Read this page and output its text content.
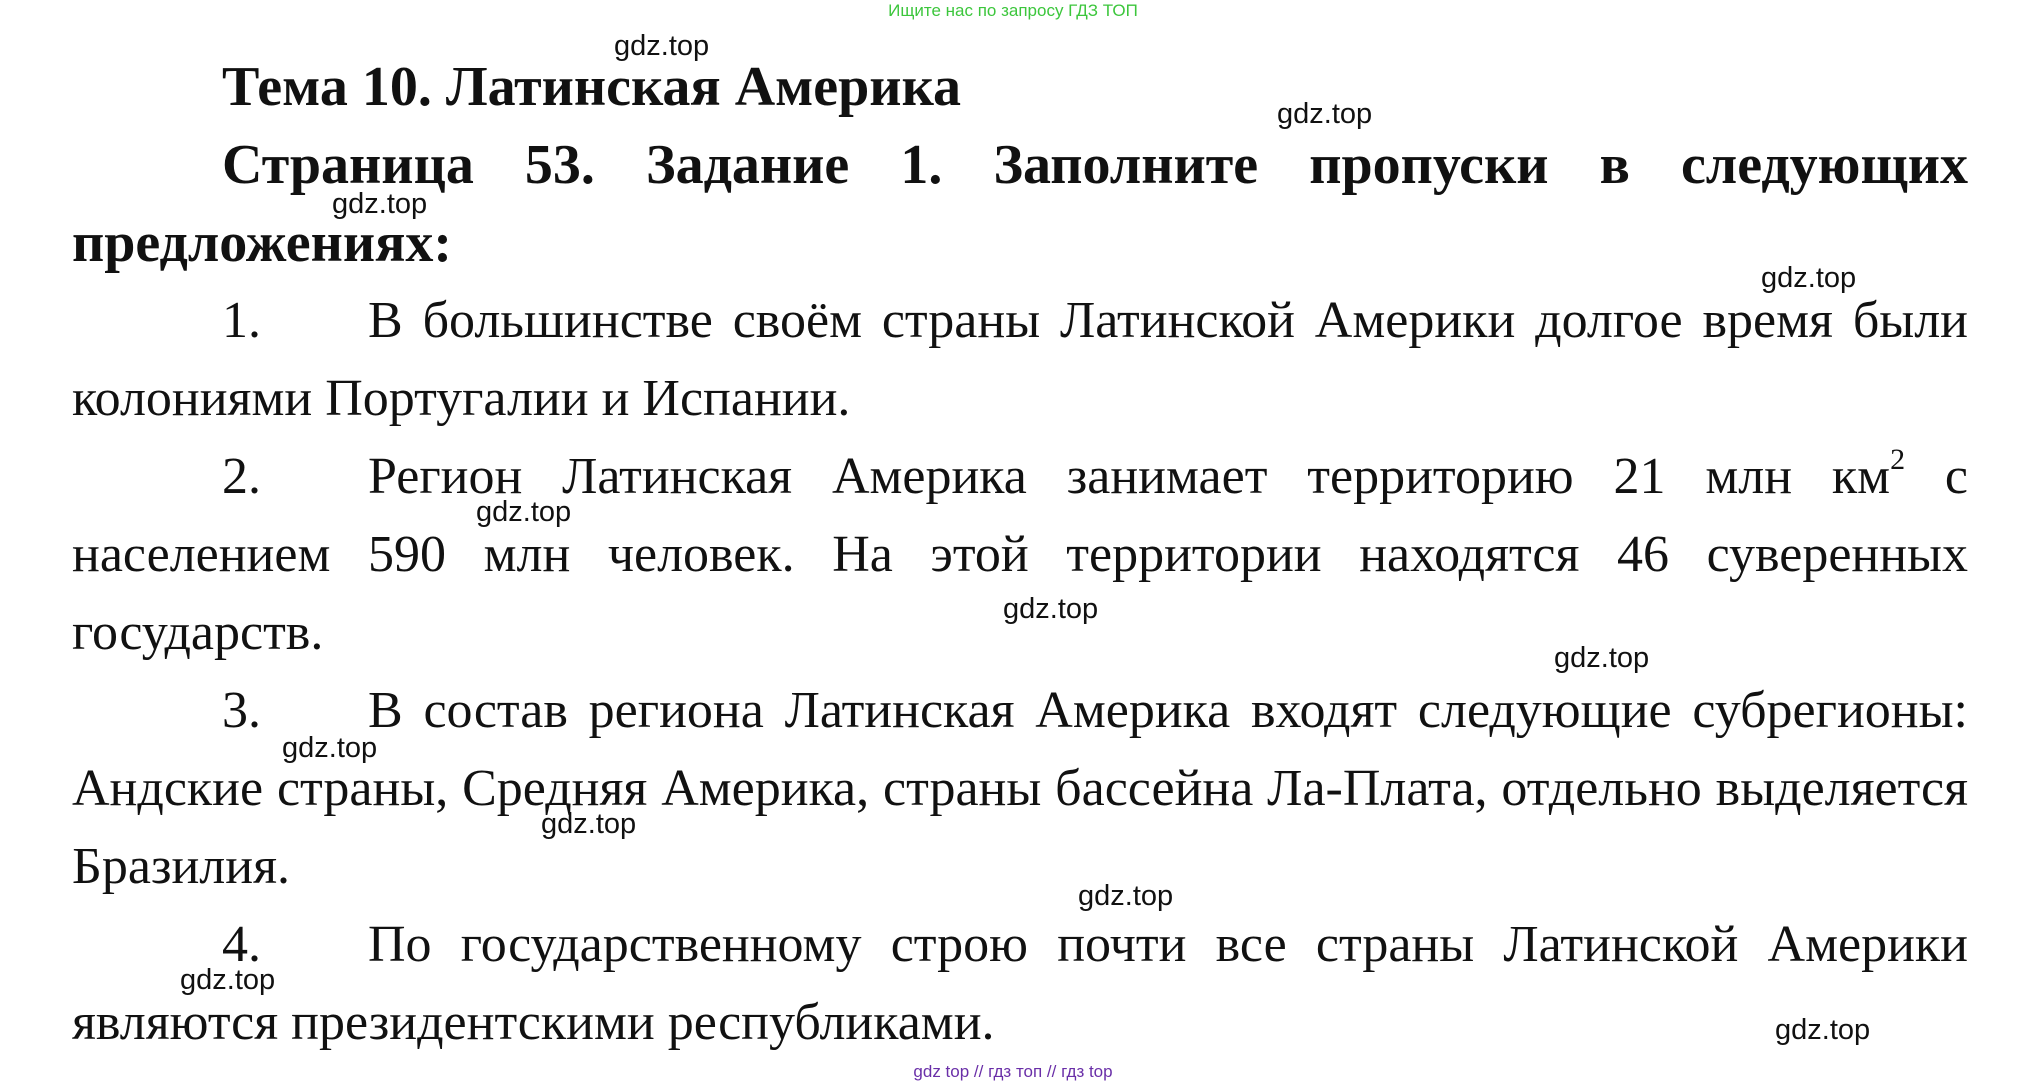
Ищите нас по запросу ГДЗ ТОП
Тема 10. Латинская Америка
Страница 53. Задание 1. Заполните пропуски в следующих предложениях:

1. В большинстве своём страны Латинской Америки долгое время были колониями Португалии и Испании.

2. Регион Латинская Америка занимает территорию 21 млн $км^2$ с населением 590 млн человек. На этой территории находятся 46 суверенных государств.

3. В состав региона Латинская Америка входят следующие субрегионы: Андские страны, Средняя Америка, страны бассейна Ла-Плата, отдельно выделяется Бразилия.

4. По государственному строю почти все страны Латинской Америки являются президентскими республиками.

gdz.top
gdz.top
gdz.top
gdz.top
gdz.top
gdz.top
gdz.top
gdz.top
gdz.top
gdz.top
gdz.top
gdz.top
gdz top // гдз топ // гдз top
